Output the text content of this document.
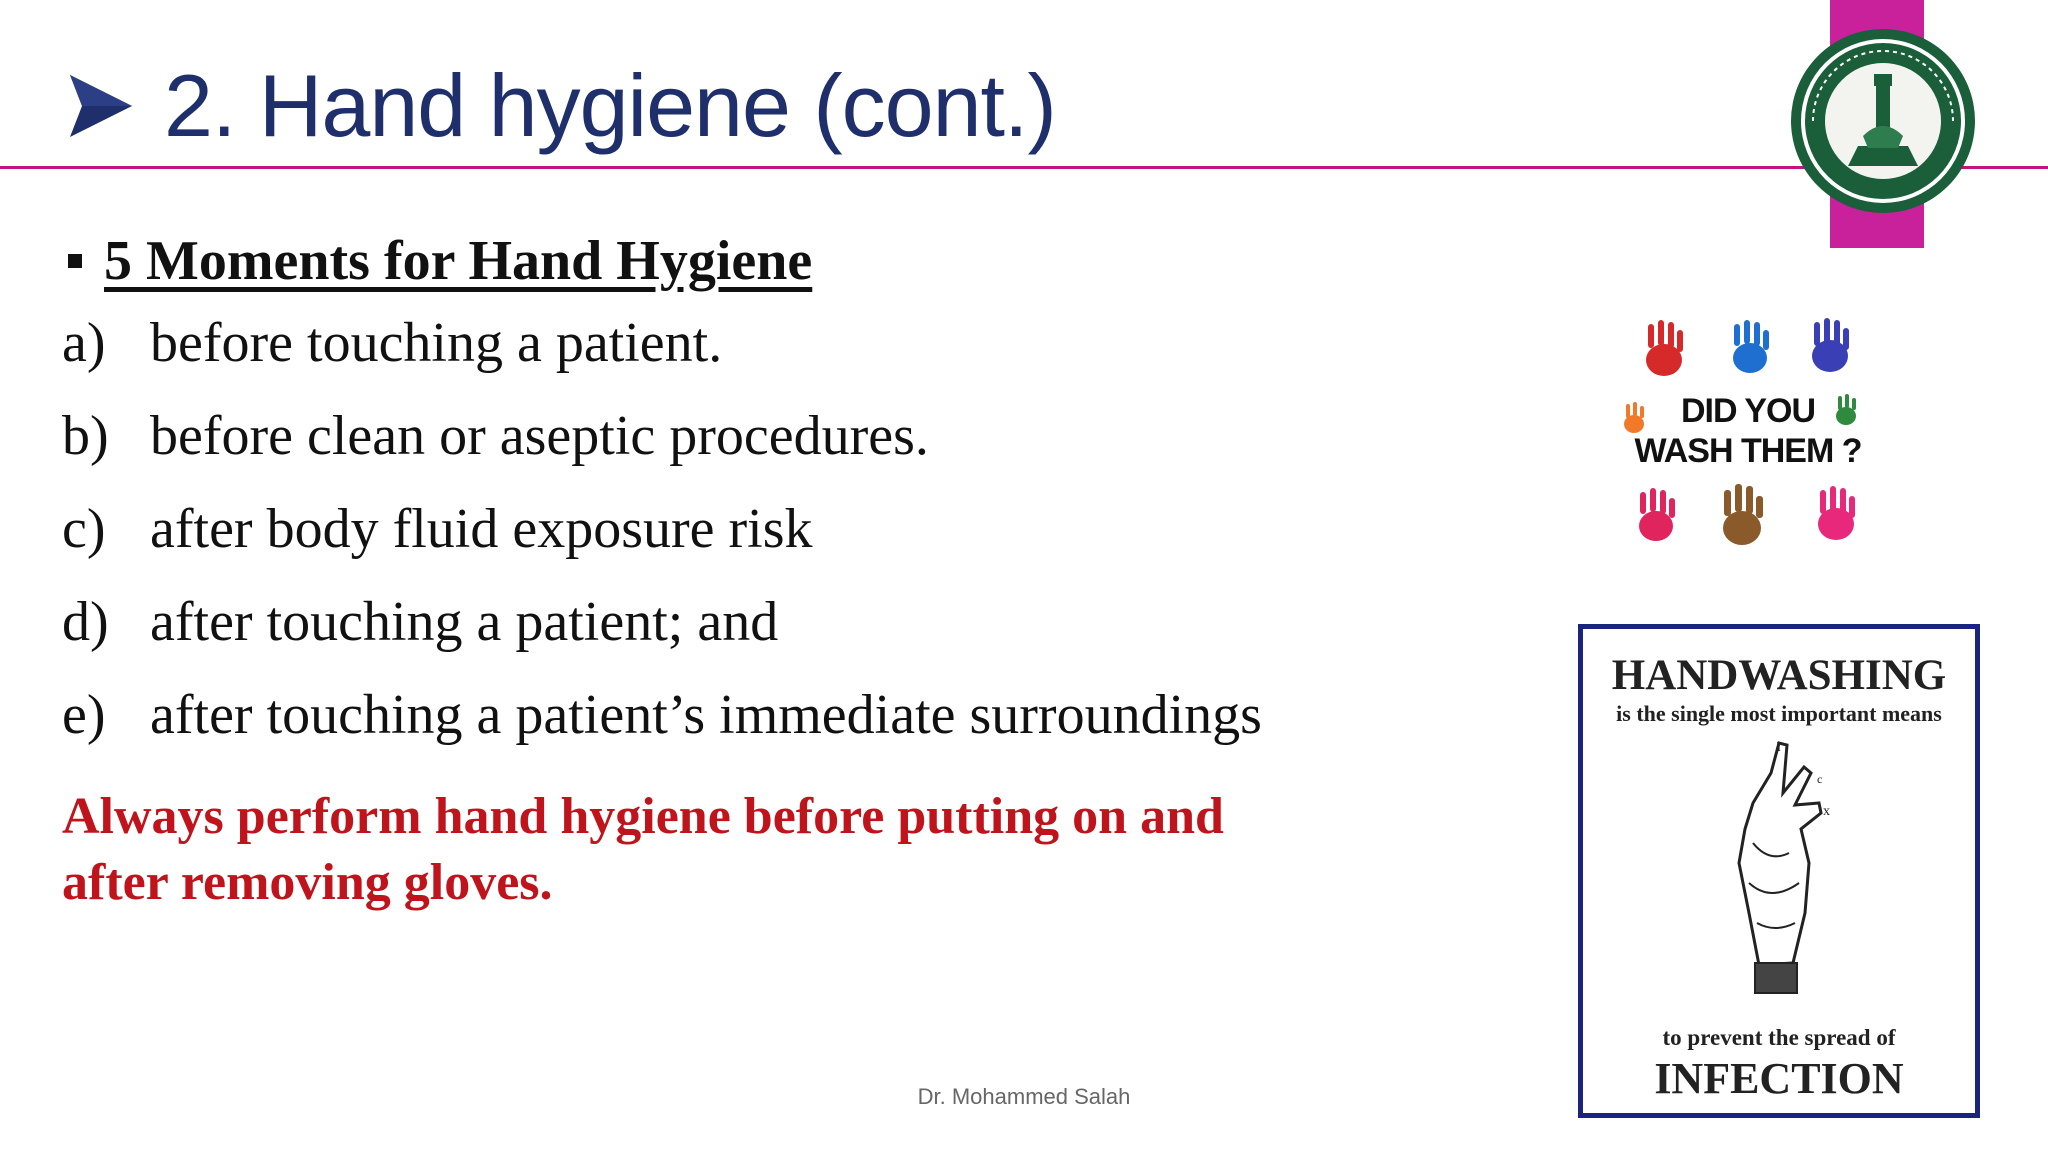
2. Hand hygiene (cont.)
5 Moments for Hand Hygiene
a) before touching a patient.
b) before clean or aseptic procedures.
c) after body fluid exposure risk
d) after touching a patient; and
e) after touching a patient’s immediate surroundings
Always perform hand hygiene before putting on and
after removing gloves.
DID YOU
WASH THEM ?
HANDWASHING
is the single most important means
ï
c
x
to prevent the spread of
INFECTION
Dr. Mohammed Salah
